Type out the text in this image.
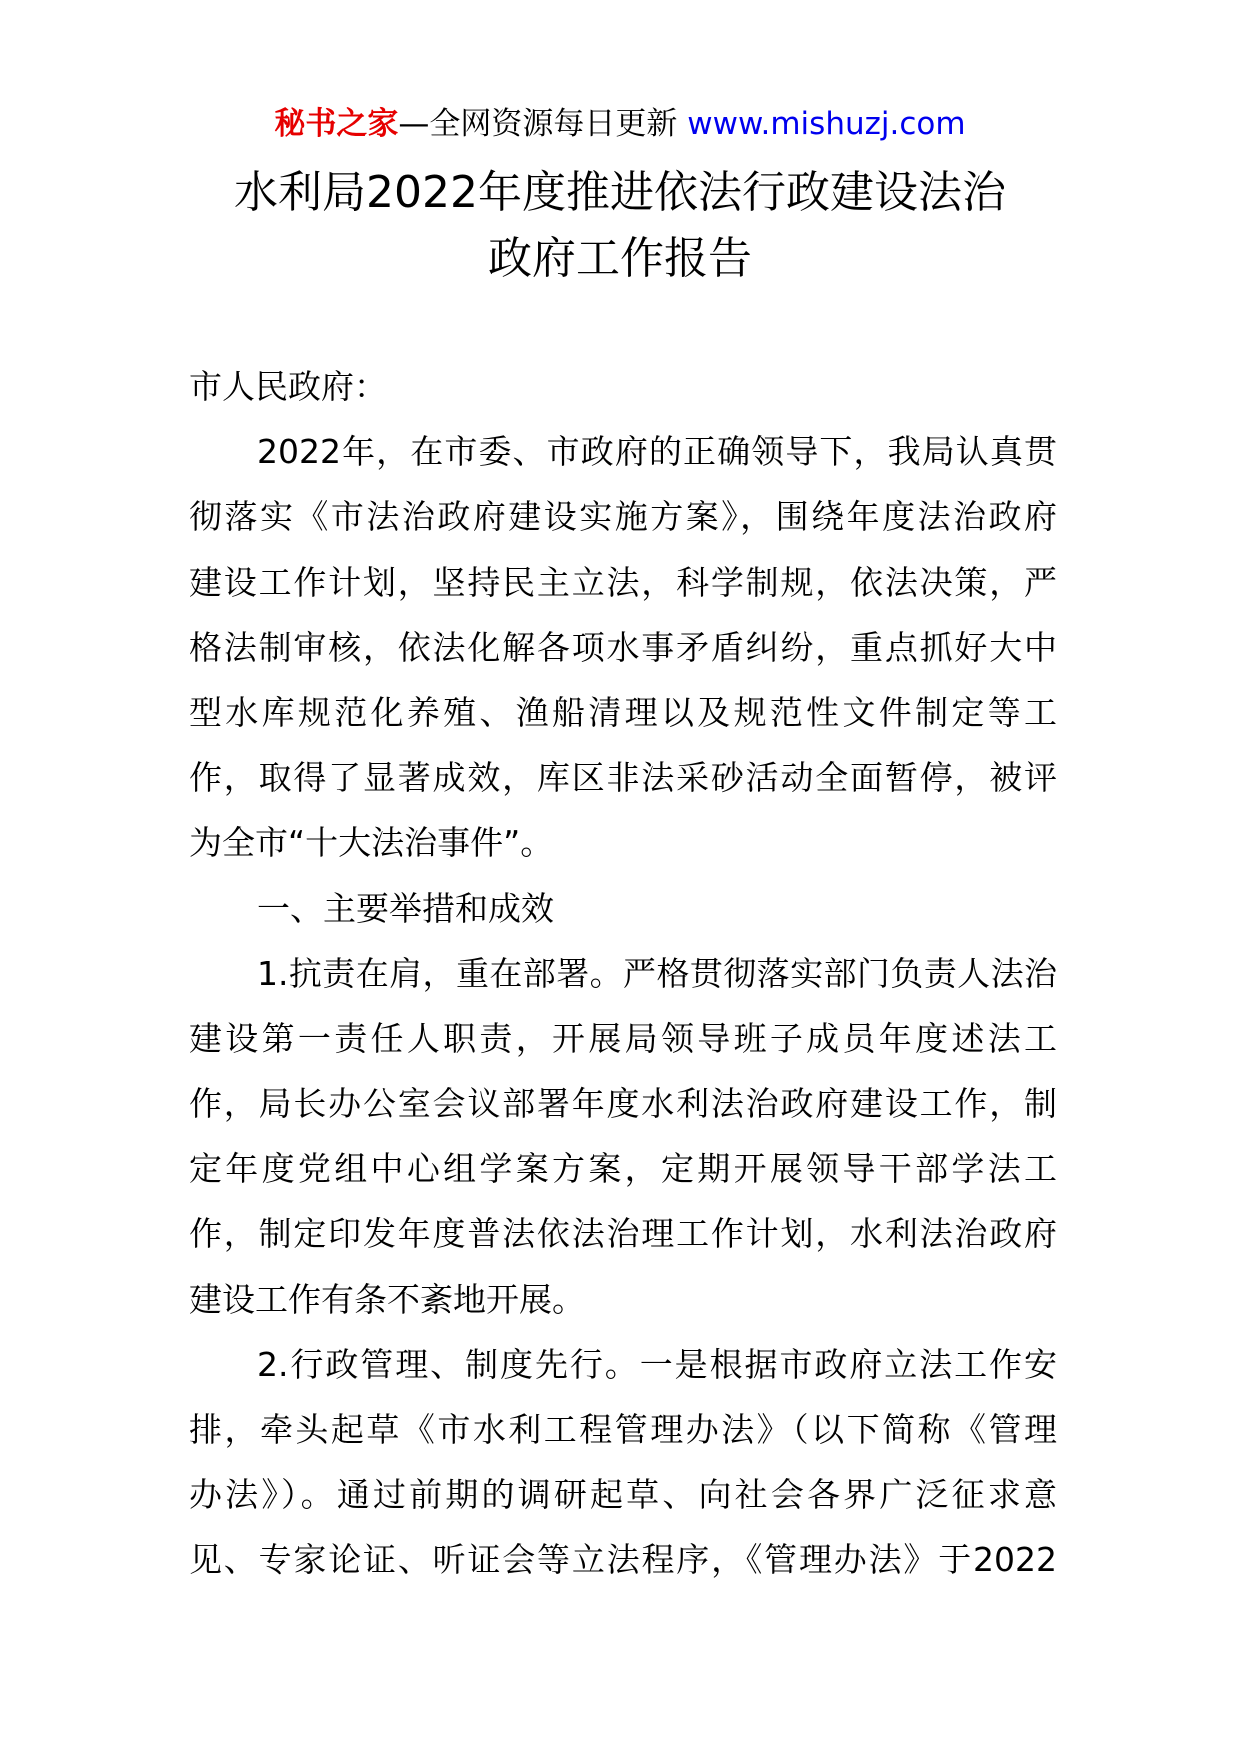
秘书之家—全网资源每日更新 www.mishuzj.com
水利局2022年度推进依法行政建设法治
政府工作报告
市人民政府：
2022年，在市委、市政府的正确领导下，我局认真贯
彻落实《市法治政府建设实施方案》，围绕年度法治政府
建设工作计划，坚持民主立法，科学制规，依法决策，严
格法制审核，依法化解各项水事矛盾纠纷，重点抓好大中
型水库规范化养殖、渔船清理以及规范性文件制定等工
作，取得了显著成效，库区非法采砂活动全面暂停，被评
为全市“十大法治事件”。
一、主要举措和成效
1.抗责在肩，重在部署。严格贯彻落实部门负责人法治
建设第一责任人职责，开展局领导班子成员年度述法工
作，局长办公室会议部署年度水利法治政府建设工作，制
定年度党组中心组学案方案，定期开展领导干部学法工
作，制定印发年度普法依法治理工作计划，水利法治政府
建设工作有条不紊地开展。
2.行政管理、制度先行。一是根据市政府立法工作安
排，牵头起草《市水利工程管理办法》（以下简称《管理
办法》）。通过前期的调研起草、向社会各界广泛征求意
见、专家论证、听证会等立法程序，《管理办法》于2022
